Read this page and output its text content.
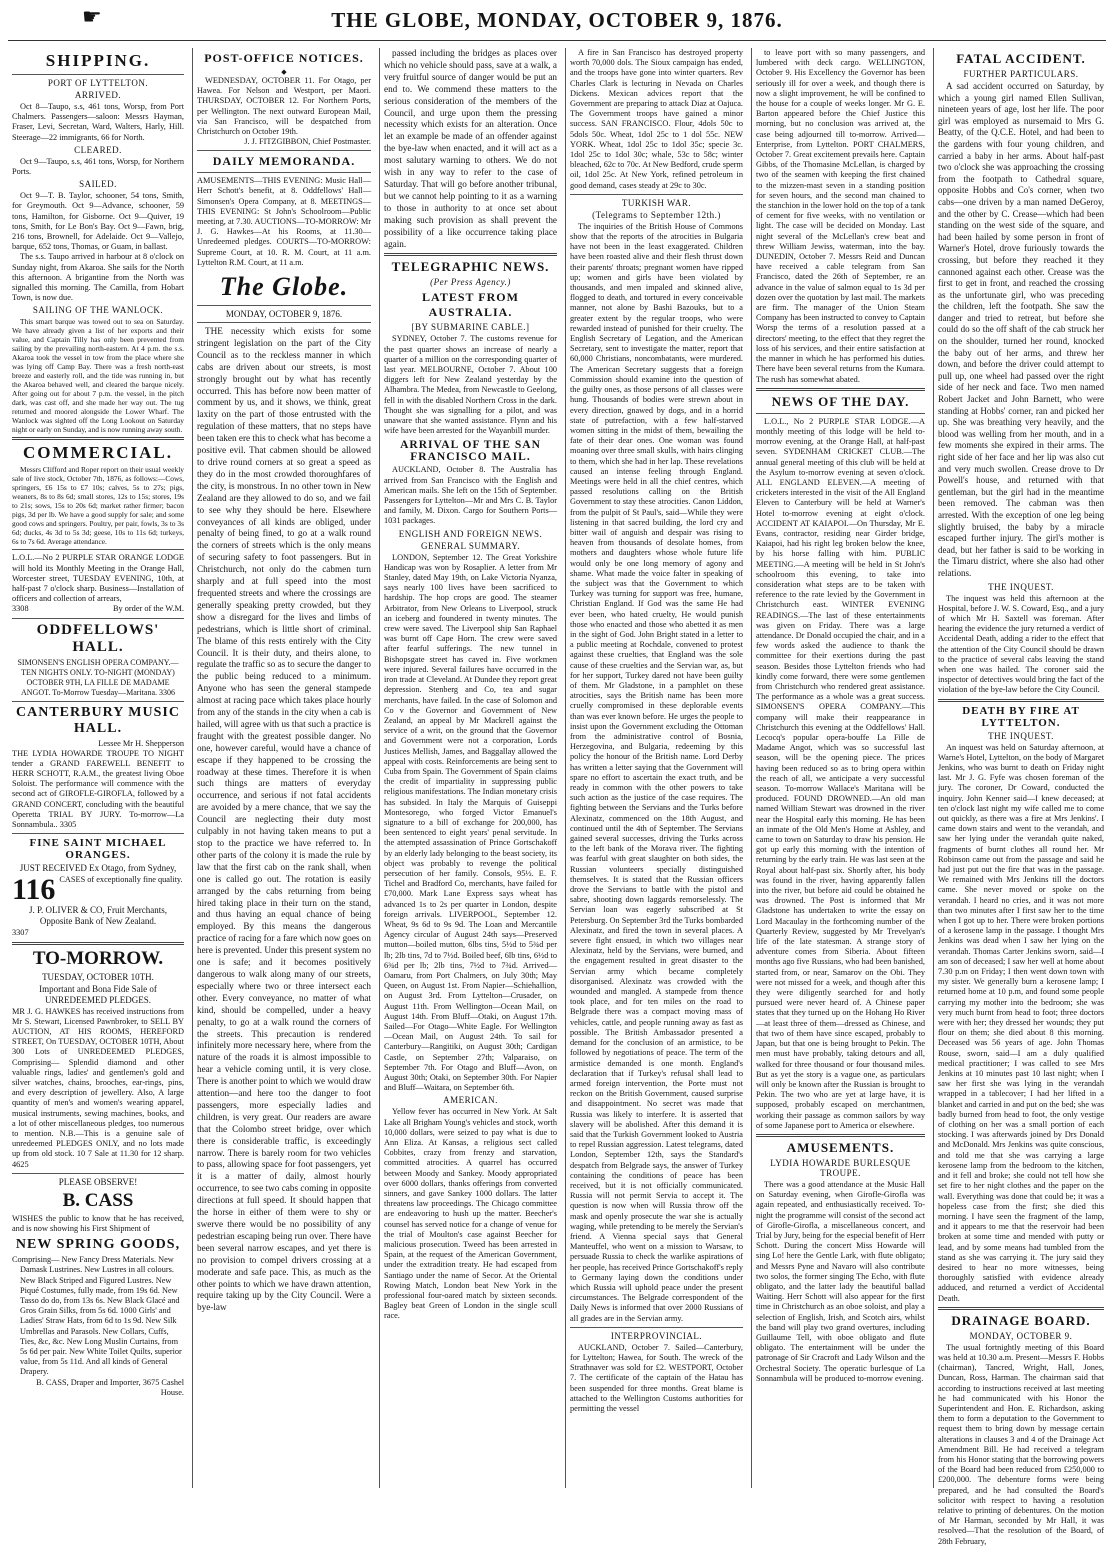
☛	THE GLOBE, MONDAY, OCTOBER 9, 1876.
SHIPPING.
PORT OF LYTTELTON.
ARRIVED.

Oct 8—Taupo, s.s, 461 tons, Worsp, from Port Chalmers. Passengers—saloon: Messrs Hayman, Fraser, Levi, Secretan, Ward, Walters, Harly, Hill. Steerage—22 immigrants, 66 for North.

CLEARED.

Oct 9—Taupo, s.s, 461 tons, Worsp, for Northern Ports.

SAILED.

Oct 9—T. B. Taylor, schooner, 54 tons, Smith, for Greymouth. Oct 9—Advance, schooner, 59 tons, Hamilton, for Gisborne. Oct 9—Quiver, 19 tons, Smith, for Le Bon's Bay. Oct 9—Fawn, brig, 216 tons, Brownell, for Adelaide. Oct 9—Vallejo, barque, 652 tons, Thomas, or Guam, in ballast.

The s.s. Taupo arrived in harbour at 8 o'clock on Sunday night, from Akaroa. She sails for the North this afternoon. A brigantine from the North was signalled this morning. The Camilla, from Hobart Town, is now due.

SAILING OF THE WANLOCK.

This smart barque was towed out to sea on Saturday. We have already given a list of her exports and their value, and Captain Tilly has only been prevented from sailing by the prevailing north-eastern. At 4 p.m. the s.s. Akaroa took the vessel in tow from the place where she was lying off Camp Bay. There was a fresh north-east breeze and easterly roll, and the tide was running in, but the Akaroa behaved well, and cleared the barque nicely. After going out for about 7 p.m. the vessel, in the pitch dark, was cast off, and she made her way out. The tug returned and moored alongside the Lower Wharf. The Wanlock was sighted off the Long Lookout on Saturday night or early on Sunday, and is now running away south.

COMMERCIAL.

Messrs Clifford and Roper report on their usual weekly sale of live stock, October 7th, 1876, as follows:—Cows, springers, £6 15s to £7 10s; calves, 5s to 27s; pigs, weaners, 8s to 8s 6d; small stores, 12s to 15s; stores, 19s to 21s; sows, 15s to 20s 6d; market rather firmer; bacon pigs, 3d per lb. We have a good supply for sale; and some good cows and springers. Poultry, per pair, fowls, 3s to 3s 6d; ducks, 4s 3d to 5s 3d; geese, 10s to 11s 6d; turkeys, 6s to 7s 6d. Average attendance.

L.O.L.—No 2 PURPLE STAR ORANGE LODGE will hold its Monthly Meeting in the Orange Hall, Worcester street, TUESDAY EVENING, 10th, at half-past 7 o'clock sharp. Business—Installation of officers and collection of arrears,

3308	By order of the W.M.

ODDFELLOWS' HALL.

SIMONSEN'S ENGLISH OPERA COMPANY.—TEN NIGHTS ONLY. TO-NIGHT (MONDAY) OCTOBER 9TH, LA FILLE DE MADAME ANGOT. To-Morrow Tuesday—Maritana. 3306

CANTERBURY MUSIC HALL.

Lessee Mr H. Shepperson

THE LYDIA HOWARDE TROUPE TO NIGHT tender a GRAND FAREWELL BENEFIT to HERR SCHOTT, R.A.M., the greatest living Oboe Soloist. The performance will commence with the second act of GIROFLE-GIROFLA, followed by a GRAND CONCERT, concluding with the beautiful Operetta TRIAL BY JURY. To-morrow—La Sonnambula.. 3305

FINE SAINT MICHAEL ORANGES.
JUST RECEIVED Ex Otago, from Sydney,
116 CASES of exceptionally fine quality.

J. P. OLIVER & CO, Fruit Merchants, Opposite Bank of New Zealand.

3307

TO-MORROW.
TUESDAY, OCTOBER 10TH.
Important and Bona Fide Sale of UNREDEEMED PLEDGES.

MR J. G. HAWKES has received instructions from Mr S. Stewart, Licensed Pawnbroker, to SELL BY AUCTION, AT HIS ROOMS, HEREFORD STREET, On TUESDAY, OCTOBER 10TH, About 300 Lots of UNREDEEMED PLEDGES, Comprising— Splendid diamond and other valuable rings, ladies' and gentlemen's gold and silver watches, chains, brooches, ear-rings, pins, and every description of jewellery. Also, A large quantity of men's and women's wearing apparel, musical instruments, sewing machines, books, and a lot of other miscellaneous pledges, too numerous to mention. N.B.—This is a genuine sale of unredeemed PLEDGES ONLY, and no lots made up from old stock. 10 7 Sale at 11.30 for 12 sharp. 4625

PLEASE OBSERVE!
B. CASS

WISHES the public to know that he has received, and is now showing his First Shipment of

NEW SPRING GOODS,

Comprising— New Fancy Dress Materials. New Damask Lustrines. New Lustres in all colours. New Black Striped and Figured Lustres. New Piqué Costumes, fully made, from 19s 6d. New Tasso do do, from 13s 6s. New Black Glacé and Gros Grain Silks, from 5s 6d. 1000 Girls' and Ladies' Straw Hats, from 6d to 1s 9d. New Silk Umbrellas and Parasols. New Collars, Cuffs, Ties, &c, &c. New Long Muslin Curtains, from 5s 6d per pair. New White Toilet Quilts, superior value, from 5s 11d. And all kinds of General Drapery.

B. CASS, Draper and Importer, 3675 Cashel House.

POST-OFFICE NOTICES.
◆

WEDNESDAY, OCTOBER 11. For Otago, per Hawea. For Nelson and Westport, per Maori. THURSDAY, OCTOBER 12. For Northern Ports, per Wellington. The next outward European Mail, via San Francisco, will be despatched from Christchurch on October 19th.

J. J. FITZGIBBON, Chief Postmaster.

DAILY MEMORANDA.

AMUSEMENTS—THIS EVENING: Music Hall—Herr Schott's benefit, at 8. Oddfellows' Hall—Simonsen's Opera Company, at 8. MEETINGS—THIS EVENING: St John's Schoolroom—Public meeting, at 7.30. AUCTIONS—TO-MORROW: Mr J. G. Hawkes—At his Rooms, at 11.30—Unredeemed pledges. COURTS—TO-MORROW: Supreme Court, at 10. R. M. Court, at 11 a.m. Lyttelton R.M. Court, at 11 a.m.

The Globe.
MONDAY, OCTOBER 9, 1876.

THE necessity which exists for some stringent legislation on the part of the City Council as to the reckless manner in which cabs are driven about our streets, is most strongly brought out by what has recently occurred. This has before now been matter of comment by us, and it shows, we think, great laxity on the part of those entrusted with the regulation of these matters, that no steps have been taken ere this to check what has become a positive evil. That cabmen should be allowed to drive round corners at so great a speed as they do in the most crowded thoroughfares of the city, is monstrous. In no other town in New Zealand are they allowed to do so, and we fail to see why they should be here. Elsewhere conveyances of all kinds are obliged, under penalty of being fined, to go at a walk round the corners of streets which is the only means of securing safety to foot passengers. But in Christchurch, not only do the cabmen turn sharply and at full speed into the most frequented streets and where the crossings are generally speaking pretty crowded, but they show a disregard for the lives and limbs of pedestrians, which is little short of criminal. The blame of this rests entirely with the City Council. It is their duty, and theirs alone, to regulate the traffic so as to secure the danger to the public being reduced to a minimum. Anyone who has seen the general stampede almost at racing pace which takes place hourly from any of the stands in the city when a cab is hailed, will agree with us that such a practice is fraught with the greatest possible danger. No one, however careful, would have a chance of escape if they happened to be crossing the roadway at these times. Therefore it is when such things are matters of everyday occurrence, and serious if not fatal accidents are avoided by a mere chance, that we say the Council are neglecting their duty most culpably in not having taken means to put a stop to the practice we have referred to. In other parts of the colony it is made the rule by law that the first cab on the rank shall, when one is called go out. The rotation is easily arranged by the cabs returning from being hired taking place in their turn on the stand, and thus having an equal chance of being employed. By this means the dangerous practice of racing for a fare which now goes on here is prevented. Under this present system no one is safe; and it becomes positively dangerous to walk along many of our streets, especially where two or three intersect each other. Every conveyance, no matter of what kind, should be compelled, under a heavy penalty, to go at a walk round the corners of the streets. This precaution is rendered infinitely more necessary here, where from the nature of the roads it is almost impossible to hear a vehicle coming until, it is very close. There is another point to which we would draw attention—and here too the danger to foot passengers, more especially ladies and children, is very great. Our readers are aware that the Colombo street bridge, over which there is considerable traffic, is exceedingly narrow. There is barely room for two vehicles to pass, allowing space for foot passengers, yet it is a matter of daily, almost hourly occurrence, to see two cabs coming in opposite directions at full speed. It should happen that the horse in either of them were to shy or swerve there would be no possibility of any pedestrian escaping being run over. There have been several narrow escapes, and yet there is no provision to compel drivers crossing at a moderate and safe pace. This, as much as the other points to which we have drawn attention, require taking up by the City Council. Were a bye-law

passed including the bridges as places over which no vehicle should pass, save at a walk, a very fruitful source of danger would be put an end to. We commend these matters to the serious consideration of the members of the Council, and urge upon them the pressing necessity which exists for an alteration. Once let an example be made of an offender against the bye-law when enacted, and it will act as a most salutary warning to others. We do not wish in any way to refer to the case of Saturday. That will go before another tribunal, but we cannot help pointing to it as a warning to those in authority to at once set about making such provision as shall prevent the possibility of a like occurrence taking place again.

TELEGRAPHIC NEWS.
(Per Press Agency.)
LATEST FROM AUSTRALIA.
[BY SUBMARINE CABLE.]

SYDNEY, October 7. The customs revenue for the past quarter shows an increase of nearly a quarter of a million on the corresponding quarter of last year. MELBOURNE, October 7. About 100 diggers left for New Zealand yesterday by the Alhambra. The Medea, from Newcastle to Geelong, fell in with the disabled Northern Cross in the dark. Thought she was signalling for a pilot, and was unaware that she wanted assistance. Flynn and his wife have been arrested for the Wayanbill murder.

ARRIVAL OF THE SAN FRANCISCO MAIL.

AUCKLAND, October 8. The Australia has arrived from San Francisco with the English and American mails. She left on the 15th of September. Passengers for Lyttelton—Mr and Mrs C. B. Taylor and family, M. Dixon. Cargo for Southern Ports—1031 packages.

ENGLISH AND FOREIGN NEWS.
GENERAL SUMMARY.

LONDON, September 12. The Great Yorkshire Handicap was won by Rosaplier. A letter from Mr Stanley, dated May 19th, on Lake Victoria Nyanza, says nearly 100 lives have been sacrificed to hardship. The hop crops are good. The steamer Arbitrator, from New Orleans to Liverpool, struck an iceberg and foundered in twenty minutes. The crew were saved. The Liverpool ship San Raphael was burnt off Cape Horn. The crew were saved after fearful sufferings. The new tunnel in Bishopsgate street has caved in. Five workmen were injured. Several failures have occurred in the iron trade at Cleveland. At Dundee they report great depression. Stenberg and Co, tea and sugar merchants, have failed. In the case of Solomon and Co v the Governor and Government of New Zealand, an appeal by Mr Mackrell against the service of a writ, on the ground that the Governor and Government were not a corporation, Lords Justices Mellish, James, and Baggallay allowed the appeal with costs. Reinforcements are being sent to Cuba from Spain. The Government of Spain claims the credit of impartiality in suppressing public religious manifestations. The Indian monetary crisis has subsided. In Italy the Marquis of Guiseppi Montesorego, who forged Victor Emanuel's signature to a bill of exchange for 200,000, has been sentenced to eight years' penal servitude. In the attempted assassination of Prince Gortschakoff by an elderly lady belonging to the beast society, its object was probably to revenge the political persecution of her family. Consols, 95½. E. F. Tichel and Bradford Co, merchants, have failed for £70,000. Mark Lane Express says wheat has advanced 1s to 2s per quarter in London, despite foreign arrivals. LIVERPOOL, September 12. Wheat, 9s 6d to 9s 9d. The Loan and Mercantile Agency circular of August 24th says—Preserved mutton—boiled mutton, 6lbs tins, 5½d to 5¾d per lb; 2lb tins, 7d to 7½d. Boiled beef, 6lb tins, 6½d to 6¾d per lb; 2lb tins, 7½d to 7¾d. Arrived—Oamaru, from Port Chalmers, on July 30th; May Queen, on August 1st. From Napier—Schiehallion, on August 3rd. From Lyttelton—Crusader, on August 11th. From Wellington—Ocean Mail, on August 14th. From Bluff—Otaki, on August 17th. Sailed—For Otago—White Eagle. For Wellington—Ocean Mail, on August 24th. To sail for Canterbury—Rangitiki, on August 30th; Cardigan Castle, on September 27th; Valparaiso, on September 7th. For Otago and Bluff—Avon, on August 30th; Otaki, on September 30th. For Napier and Bluff—Waitara, on September 6th.

AMERICAN.

Yellow fever has occurred in New York. At Salt Lake all Brigham Young's vehicles and stock, worth 10,000 dollars, were seized to pay what is due to Ann Eliza. At Kansas, a religious sect called Cobbites, crazy from frenzy and starvation, committed atrocities. A quarrel has occurred between Moody and Sankey. Moody appropriated over 6000 dollars, thanks offerings from converted sinners, and gave Sankey 1000 dollars. The latter threatens law proceedings. The Chicago committee are endeavoring to hush up the matter. Beecher's counsel has served notice for a change of venue for the trial of Moulton's case against Beecher for malicious prosecution. Tweed has been arrested in Spain, at the request of the American Government, under the extradition treaty. He had escaped from Santiago under the name of Secor. At the Oriental Rowing Match, London beat New York in the professional four-oared match by sixteen seconds. Bagley beat Green of London in the single scull race.

A fire in San Francisco has destroyed property worth 70,000 dols. The Sioux campaign has ended, and the troops have gone into winter quarters. Rev Charles Clark is lecturing in Nevada on Charles Dickens. Mexican advices report that the Government are preparing to attack Diaz at Oajuca. The Government troops have gained a minor success. SAN FRANCISCO. Flour, 4dols 50c to 5dols 50c. Wheat, 1dol 25c to 1 dol 55c. NEW YORK. Wheat, 1dol 25c to 1dol 35c; specie 3c. 1dol 25c to 1dol 30c; whale, 53c to 58c; winter bleached, 62c to 70c. At New Bedford, crude sperm oil, 1dol 25c. At New York, refined petroleum in good demand, cases steady at 29c to 30c.

TURKISH WAR.
(Telegrams to September 12th.)

The inquiries of the British House of Commons show that the reports of the atrocities in Bulgaria have not been in the least exaggerated. Children have been roasted alive and their flesh thrust down their parents' throats; pregnant women have ripped up; women and girls have been violated by thousands, and men impaled and skinned alive, flogged to death, and tortured in every conceivable manner, not alone by Bashi Bazouks, but to a greater extent by the regular troops, who were rewarded instead of punished for their cruelty. The English Secretary of Legation, and the American Secretary, sent to investigate the matter, report that 60,000 Christians, noncombatants, were murdered. The American Secretary suggests that a foreign Commission should examine into the question of the guilty ones, as those persons of all classes were hung. Thousands of bodies were strewn about in every direction, gnawed by dogs, and in a horrid state of putrefaction, with a few half-starved women sitting in the midst of them, bewailing the fate of their dear ones. One woman was found moaning over three small skulls, with hairs clinging to them, which she had in her lap. These revelations caused an intense feeling through England. Meetings were held in all the chief centres, which passed resolutions calling on the British Government to stay these atrocities. Canon Liddon, from the pulpit of St Paul's, said—While they were listening in that sacred building, the lord cry and bitter wail of anguish and despair was rising to heaven from thousands of desolate homes, from mothers and daughters whose whole future life would only be one long memory of agony and shame. What made the voice falter in speaking of the subject was that the Government to which Turkey was turning for support was free, humane, Christian England. If God was the same He had ever been, who hated cruelty, He would punish those who enacted and those who abetted it as men in the sight of God. John Bright stated in a letter to a public meeting at Rochdale, convened to protest against these cruelties, that England was the sole cause of these cruelties and the Servian war, as, but for her support, Turkey dared not have been guilty of them. Mr Gladstone, in a pamphlet on these atrocities, says the British name has been more cruelly compromised in these deplorable events than was ever known before. He urges the people to insist upon the Government excluding the Ottoman from the administrative control of Bosnia, Herzegovina, and Bulgaria, redeeming by this policy the honour of the British name. Lord Derby has written a letter saying that the Government will spare no effort to ascertain the exact truth, and be ready in common with the other powers to take such action as the justice of the case requires. The fighting between the Servians and the Turks before Alexinatz, commenced on the 18th August, and continued until the 4th of September. The Servians gained several successes, driving the Turks across to the left bank of the Morava river. The fighting was fearful with great slaughter on both sides, the Russian volunteers specially distinguished themselves. It is stated that the Russian officers drove the Servians to battle with the pistol and sabre, shooting down laggards remorselessly. The Servian loan was eagerly subscribed at St Petersburg. On September 3rd the Turks bombarded Alexinatz, and fired the town in several places. A severe fight ensued, in which two villages near Alexinatz, held by the Servians, were burned, and the engagement resulted in great disaster to the Servian army which became completely disorganised. Alexinatz was crowded with the wounded and mangled. A stampede from thence took place, and for ten miles on the road to Belgrade there was a compact moving mass of vehicles, cattle, and people running away as fast as possible. The British Ambassador presented a demand for the conclusion of an armistice, to be followed by negotiations of peace. The term of the armistice demanded is one month. England's declaration that if Turkey's refusal shall lead to armed foreign intervention, the Porte must not reckon on the British Government, caused surprise and disappointment. No secret was made that Russia was likely to interfere. It is asserted that slavery will be abolished. After this demand it is said that the Turkish Government looked to Austria to repel Russian aggression. Latest telegrams, dated London, September 12th, says the Standard's despatch from Belgrade says, the answer of Turkey containing the conditions of peace has been received, but it is not officially communicated. Russia will not permit Servia to accept it. The question is now when will Russia throw off the mask and openly prosecute the war she is actually waging, while pretending to be merely the Servian's friend. A Vienna special says that General Manteuffel, who went on a mission to Warsaw, to persuade Russia to check the warlike aspirations of her people, has received Prince Gortschakoff's reply to Germany laying down the conditions under which Russia will uphold peace under the present circumstances. The Belgrade correspondent of the Daily News is informed that over 2000 Russians of all grades are in the Servian army.

INTERPROVINCIAL.

AUCKLAND, October 7. Sailed—Canterbury, for Lyttelton; Hawea, for South. The wreck of the Strathnaver was sold for £2. WESTPORT, October 7. The certificate of the captain of the Hatau has been suspended for three months. Great blame is attached to the Wellington Customs authorities for permitting the vessel

to leave port with so many passengers, and lumbered with deck cargo. WELLINGTON, October 9. His Excellency the Governor has been seriously ill for over a week, and though there is now a slight improvement, he will be confined to the house for a couple of weeks longer. Mr G. E. Barton appeared before the Chief Justice this morning, but no conclusion was arrived at, the case being adjourned till to-morrow. Arrived—Enterprise, from Lyttelton. PORT CHALMERS, October 7. Great excitement prevails here. Captain Gibbs, of the Thomasine McLellan, is charged by two of the seamen with keeping the first chained to the mizzen-mast seven in a standing position for seven hours, and the second man chained to the stanchion in the lower hold on the top of a tank of cement for five weeks, with no ventilation or light. The case will be decided on Monday. Last night several of the McLellan's crew beat and threw William Jewiss, waterman, into the bay. DUNEDIN, October 7. Messrs Reid and Duncan have received a cable telegram from San Francisco, dated the 26th of September, re an advance in the value of salmon equal to 1s 3d per dozen over the quotation by last mail. The markets are firm. The manager of the Union Steam Company has been instructed to convey to Captain Worsp the terms of a resolution passed at a directors' meeting, to the effect that they regret the loss of his services, and their entire satisfaction at the manner in which he has performed his duties. There have been several returns from the Kumara. The rush has somewhat abated.

NEWS OF THE DAY.

L.O.L., No 2 PURPLE STAR LODGE.—A monthly meeting of this lodge will be held to-morrow evening, at the Orange Hall, at half-past seven. SYDENHAM CRICKET CLUB.—The annual general meeting of this club will be held at the Asylum to-morrow evening at seven o'clock. ALL ENGLAND ELEVEN.—A meeting of cricketers interested in the visit of the All England Eleven to Canterbury will be held at Warner's Hotel to-morrow evening at eight o'clock. ACCIDENT AT KAIAPOI.—On Thursday, Mr E. Evans, contractor, residing near Girder bridge, Kaiapoi, had his right leg broken below the knee, by his horse falling with him. PUBLIC MEETING.—A meeting will be held in St John's schoolroom this evening, to take into consideration what steps are to be taken with reference to the rate levied by the Government in Christchurch east. WINTER EVENING READINGS.—The last of these entertainments was given on Friday. There was a large attendance. Dr Donald occupied the chair, and in a few words asked the audience to thank the committee for their exertions during the past season. Besides those Lyttelton friends who had kindly come forward, there were some gentlemen from Christchurch who rendered great assistance. The performance as a whole was a great success. SIMONSEN'S OPERA COMPANY.—This company will make their reappearance in Christchurch this evening at the Oddfellows' Hall. Lecocq's popular opera-bouffe La Fille de Madame Angot, which was so successful last season, will be the opening piece. The prices having been reduced so as to bring opera within the reach of all, we anticipate a very successful season. To-morrow Wallace's Maritana will be produced. FOUND DROWNED.—An old man named William Stewart was drowned in the river near the Hospital early this morning. He has been an inmate of the Old Men's Home at Ashley, and came to town on Saturday to draw his pension. He got up early this morning with the intention of returning by the early train. He was last seen at the Royal about half-past six. Shortly after, his body was found in the river, having apparently fallen into the river, but before aid could be obtained he was drowned. The Post is informed that Mr Gladstone has undertaken to write the essay on Lord Macaulay in the forthcoming number of the Quarterly Review, suggested by Mr Trevelyan's life of the late statesman. A strange story of adventure comes from Siberia. About fifteen months ago five Russians, who had been banished, started from, or near, Samarov on the Obi. They were not missed for a week, and though after this they were diligently searched for and hotly pursued were never heard of. A Chinese paper states that they turned up on the Hohang Ho River—at least three of them—dressed as Chinese, and that two of them have since escaped, probably to Japan, but that one is being brought to Pekin. The men must have probably, taking detours and all, walked for three thousand or four thousand miles. But as yet the story is a vague one, as particulars will only be known after the Russian is brought to Pekin. The two who are yet at large have, it is supposed, probably escaped on merchantmen, working their passage as common sailors by way of some Japanese port to America or elsewhere.

AMUSEMENTS.
LYDIA HOWARDE BURLESQUE TROUPE.

There was a good attendance at the Music Hall on Saturday evening, when Girofle-Girofla was again repeated, and enthusiastically received. To-night the programme will consist of the second act of Girofle-Girofla, a miscellaneous concert, and Trial by Jury, being for the especial benefit of Herr Schott. During the concert Miss Howarde will sing Lo! here the Gentle Lark, with flute obligato; and Messrs Pyne and Navaro will also contribute two solos, the former singing The Echo, with flute obligato, and the latter lady the beautiful ballad Waiting. Herr Schott will also appear for the first time in Christchurch as an oboe soloist, and play a selection of English, Irish, and Scotch airs, whilst the band will play two grand overtures, including Guillaume Tell, with oboe obligato and flute obligato. The entertainment will be under the patronage of Sir Cracroft and Lady Wilson and the Orchestral Society. The operatic burlesque of La Sonnambula will be produced to-morrow evening.

FATAL ACCIDENT.
FURTHER PARTICULARS.

A sad accident occurred on Saturday, by which a young girl named Ellen Sullivan, nineteen years of age, lost her life. The poor girl was employed as nursemaid to Mrs G. Beatty, of the Q.C.E. Hotel, and had been to the gardens with four young children, and carried a baby in her arms. About half-past two o'clock she was approaching the crossing from the footpath to Cathedral square, opposite Hobbs and Co's corner, when two cabs—one driven by a man named DeGeroy, and the other by C. Crease—which had been standing on the west side of the square, and had been hailed by some person in front of Warner's Hotel, drove furiously towards the crossing, but before they reached it they cannoned against each other. Crease was the first to get in front, and reached the crossing as the unfortunate girl, who was preceding the children, left the footpath. She saw the danger and tried to retreat, but before she could do so the off shaft of the cab struck her on the shoulder, turned her round, knocked the baby out of her arms, and threw her down, and before the driver could attempt to pull up, one wheel had passed over the right side of her neck and face. Two men named Robert Jacket and John Barnett, who were standing at Hobbs' corner, ran and picked her up. She was breathing very heavily, and the blood was welling from her mouth, and in a few moments she expired in their arms. The right side of her face and her lip was also cut and very much swollen. Crease drove to Dr Powell's house, and returned with that gentleman, but the girl had in the meantime been removed. The cabman was then arrested. With the exception of one leg being slightly bruised, the baby by a miracle escaped further injury. The girl's mother is dead, but her father is said to be working in the Timaru district, where she also had other relations.

THE INQUEST.

The inquest was held this afternoon at the Hospital, before J. W. S. Coward, Esq., and a jury of which Mr H. Saxtell was foreman. After hearing the evidence the jury returned a verdict of Accidental Death, adding a rider to the effect that the attention of the City Council should be drawn to the practice of several cabs leaving the stand when one was hailed. The coroner said the inspector of detectives would bring the fact of the violation of the bye-law before the City Council.

DEATH BY FIRE AT LYTTELTON.
THE INQUEST.

An inquest was held on Saturday afternoon, at Warne's Hotel, Lyttelton, on the body of Margaret Jenkins, who was burnt to death on Friday night last. Mr J. G. Fyfe was chosen foreman of the jury. The coroner, Dr Coward, conducted the inquiry. John Kenner said—I knew deceased; at ten o'clock last night my wife called me to come out quickly, as there was a fire at Mrs Jenkins'. I came down stairs and went to the verandah, and saw her lying under the verandah quite naked, fragments of burnt clothes all round her. Mr Robinson came out from the passage and said he had just put out the fire that was in the passage. We remained with Mrs Jenkins till the doctors came. She never moved or spoke on the verandah. I heard no cries, and it was not more than two minutes after I first saw her to the time when I got up to her. There were broken portions of a kerosene lamp in the passage. I thought Mrs Jenkins was dead when I saw her lying on the verandah. Thomas Carter Jenkins sworn, said—I am son of deceased; I saw her well at home about 7.30 p.m on Friday; I then went down town with my sister. We generally burn a kerosene lamp; I returned home at 10 p.m, and found some people carrying my mother into the bedroom; she was very much burnt from head to foot; three doctors were with her; they dressed her wounds; they put flour on them; she died about 8 this morning. Deceased was 56 years of age. John Thomas Rouse, sworn, said—I am a duly qualified medical practitioner; I was called to see Mrs Jenkins at 10 minutes past 10 last night; when I saw her first she was lying in the verandah wrapped in a tablecover; I had her lifted in a blanket and carried in and put on the bed; she was badly burned from head to foot, the only vestige of clothing on her was a small portion of each stocking. I was afterwards joined by Drs Donald and McDonald. Mrs Jenkins was quite conscious, and told me that she was carrying a large kerosene lamp from the bedroom to the kitchen, and it fell and broke; she could not tell how she set fire to her night clothes and the paper on the wall. Everything was done that could be; it was a hopeless case from the first; she died this morning. I have seen the fragment of the lamp, and it appears to me that the reservoir had been broken at some time and mended with putty or lead, and by some means had tumbled from the stand as she was carrying it. The jury said they desired to hear no more witnesses, being thoroughly satisfied with evidence already adduced, and returned a verdict of Accidental Death.

DRAINAGE BOARD.
MONDAY, OCTOBER 9.

The usual fortnightly meeting of this Board was held at 10.30 a.m. Present—Messrs F. Hobbs (chairman), Tancred, Wright, Hall, Jones, Duncan, Ross, Harman. The chairman said that according to instructions received at last meeting he had communicated with his Honor the Superintendent and Hon. E. Richardson, asking them to form a deputation to the Government to request them to bring down by message certain alterations in clauses 3 and 4 of the Drainage Act Amendment Bill. He had received a telegram from his Honor stating that the borrowing powers of the Board had been reduced from £250,000 to £200,000. The debenture forms were being prepared, and he had consulted the Board's solicitor with respect to having a resolution relative to printing of debentures. On the motion of Mr Harman, seconded by Mr Hall, it was resolved—That the resolution of the Board, of 28th February,
